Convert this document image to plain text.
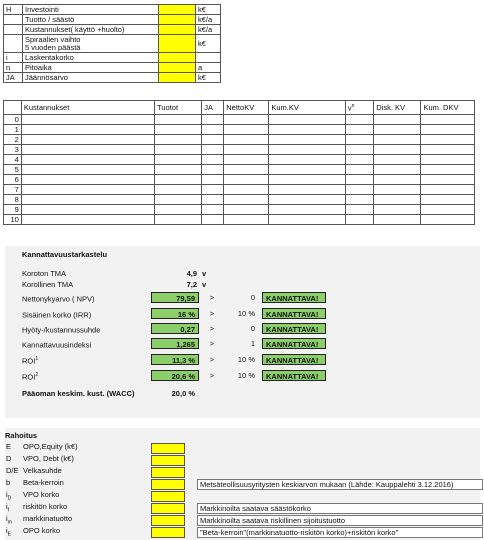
H	Investointi		k€
	Tuotto / säästö		k€/a
	Kustannukset( käyttö +huolto)		k€/a
	Spiraalien vaihto
5 vuoden päästä		k€
i	Laskentakorko		
n	Pitoaika		a
JA	Jäännösarvo		k€
	Kustannukset	Tuotot	JA	NettoKV	Kum.KV	$v^n$	Disk. KV	Kum. DKV
0								
1								
2								
3								
4								
5								
6								
7								
8								
9								
10								
Kannattavuustarkastelu
Koroton TMA	4,9 v
Korollinen TMA	7,2 v
Nettonykyarvo ( NPV)	79,59	>	0	KANNATTAVA!
Sisäinen korko (IRR)	16 %	>	10 %	KANNATTAVA!
Hyöty-/kustannussuhde	0,27	>	0	KANNATTAVA!
Kannattavuusindeksi	1,265	>	1	KANNATTAVA!
ROI$^1$	11,3 %	>	10 %	KANNATTAVA!
ROI$^2$	20,6 %	>	10 %	KANNATTAVA!
Pääoman keskim. kust. (WACC)	20,0 %
Rahoitus
E	OPO,Equity (k€)
D	VPO, Debt (k€)
D/E Velkasuhde
b	Beta-kerroin	Metsäteollisuusyritysten keskiarvon mukaan (Lähde: Kauppalehti 3.12.2016)
$i_D$	VPO korko
$i_f$	riskitön korko	Markkinoilta saatava säästökorko
$i_m$	markkinatuotto	Markkinoilta saatava riskillinen sijoitustuotto
$i_E$	OPO korko	"Beta-kerroin"(markkinatuotto-riskitön korko)+riskitön korko"
